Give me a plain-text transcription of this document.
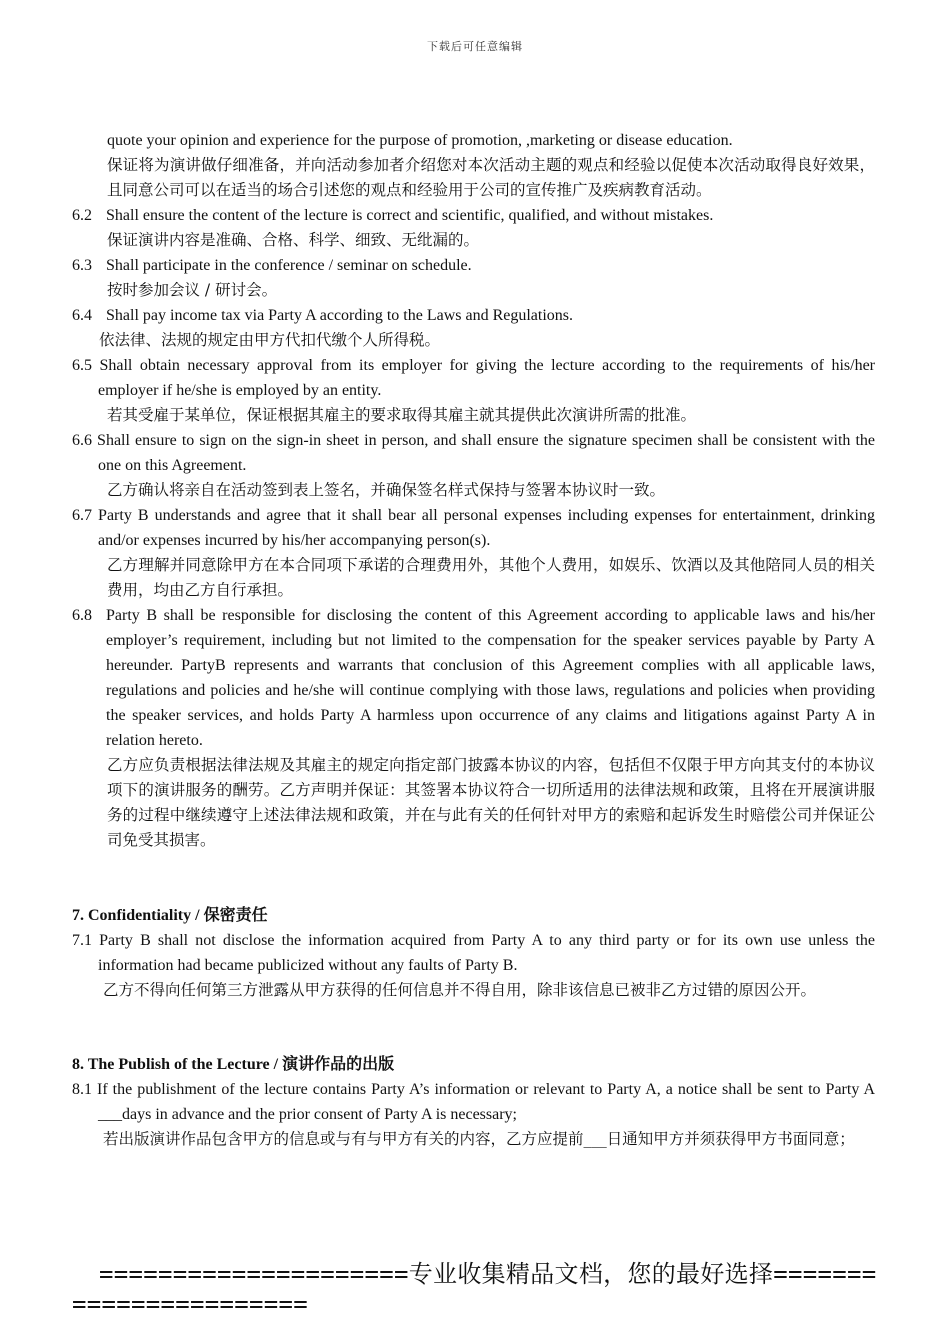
下载后可任意编辑

quote your opinion and experience for the purpose of promotion, ,marketing or disease education.

保证将为演讲做仔细准备，并向活动参加者介绍您对本次活动主题的观点和经验以促使本次活动取得良好效果，且同意公司可以在适当的场合引述您的观点和经验用于公司的宣传推广及疾病教育活动。

6.2 Shall ensure the content of the lecture is correct and scientific, qualified, and without mistakes.

保证演讲内容是准确、合格、科学、细致、无纰漏的。

6.3 Shall participate in the conference / seminar on schedule.

按时参加会议 / 研讨会。

6.4 Shall pay income tax via Party A according to the Laws and Regulations.

依法律、法规的规定由甲方代扣代缴个人所得税。

6.5 Shall obtain necessary approval from its employer for giving the lecture according to the requirements of his/her employer if he/she is employed by an entity.

若其受雇于某单位，保证根据其雇主的要求取得其雇主就其提供此次演讲所需的批准。

6.6 Shall ensure to sign on the sign-in sheet in person, and shall ensure the signature specimen shall be consistent with the one on this Agreement.

乙方确认将亲自在活动签到表上签名，并确保签名样式保持与签署本协议时一致。

6.7 Party B understands and agree that it shall bear all personal expenses including expenses for entertainment, drinking and/or expenses incurred by his/her accompanying person(s).

乙方理解并同意除甲方在本合同项下承诺的合理费用外，其他个人费用，如娱乐、饮酒以及其他陪同人员的相关费用，均由乙方自行承担。

6.8 Party B shall be responsible for disclosing the content of this Agreement according to applicable laws and his/her employer’s requirement, including but not limited to the compensation for the speaker services payable by Party A hereunder. PartyB represents and warrants that conclusion of this Agreement complies with all applicable laws, regulations and policies and he/she will continue complying with those laws, regulations and policies when providing the speaker services, and holds Party A harmless upon occurrence of any claims and litigations against Party A in relation hereto.

乙方应负责根据法律法规及其雇主的规定向指定部门披露本协议的内容，包括但不仅限于甲方向其支付的本协议项下的演讲服务的酬劳。乙方声明并保证：其签署本协议符合一切所适用的法律法规和政策，且将在开展演讲服务的过程中继续遵守上述法律法规和政策，并在与此有关的任何针对甲方的索赔和起诉发生时赔偿公司并保证公司免受其损害。

7. Confidentiality / 保密责任

7.1 Party B shall not disclose the information acquired from Party A to any third party or for its own use unless the information had became publicized without any faults of Party B.

乙方不得向任何第三方泄露从甲方获得的任何信息并不得自用，除非该信息已被非乙方过错的原因公开。

8. The Publish of the Lecture / 演讲作品的出版

8.1 If the publishment of the lecture contains Party A’s information or relevant to Party A, a notice shall be sent to Party A ___days in advance and the prior consent of Party A is necessary;

若出版演讲作品包含甲方的信息或与有与甲方有关的内容，乙方应提前___日通知甲方并须获得甲方书面同意；

=====================专业收集精品文档，您的最好选择=======
================
